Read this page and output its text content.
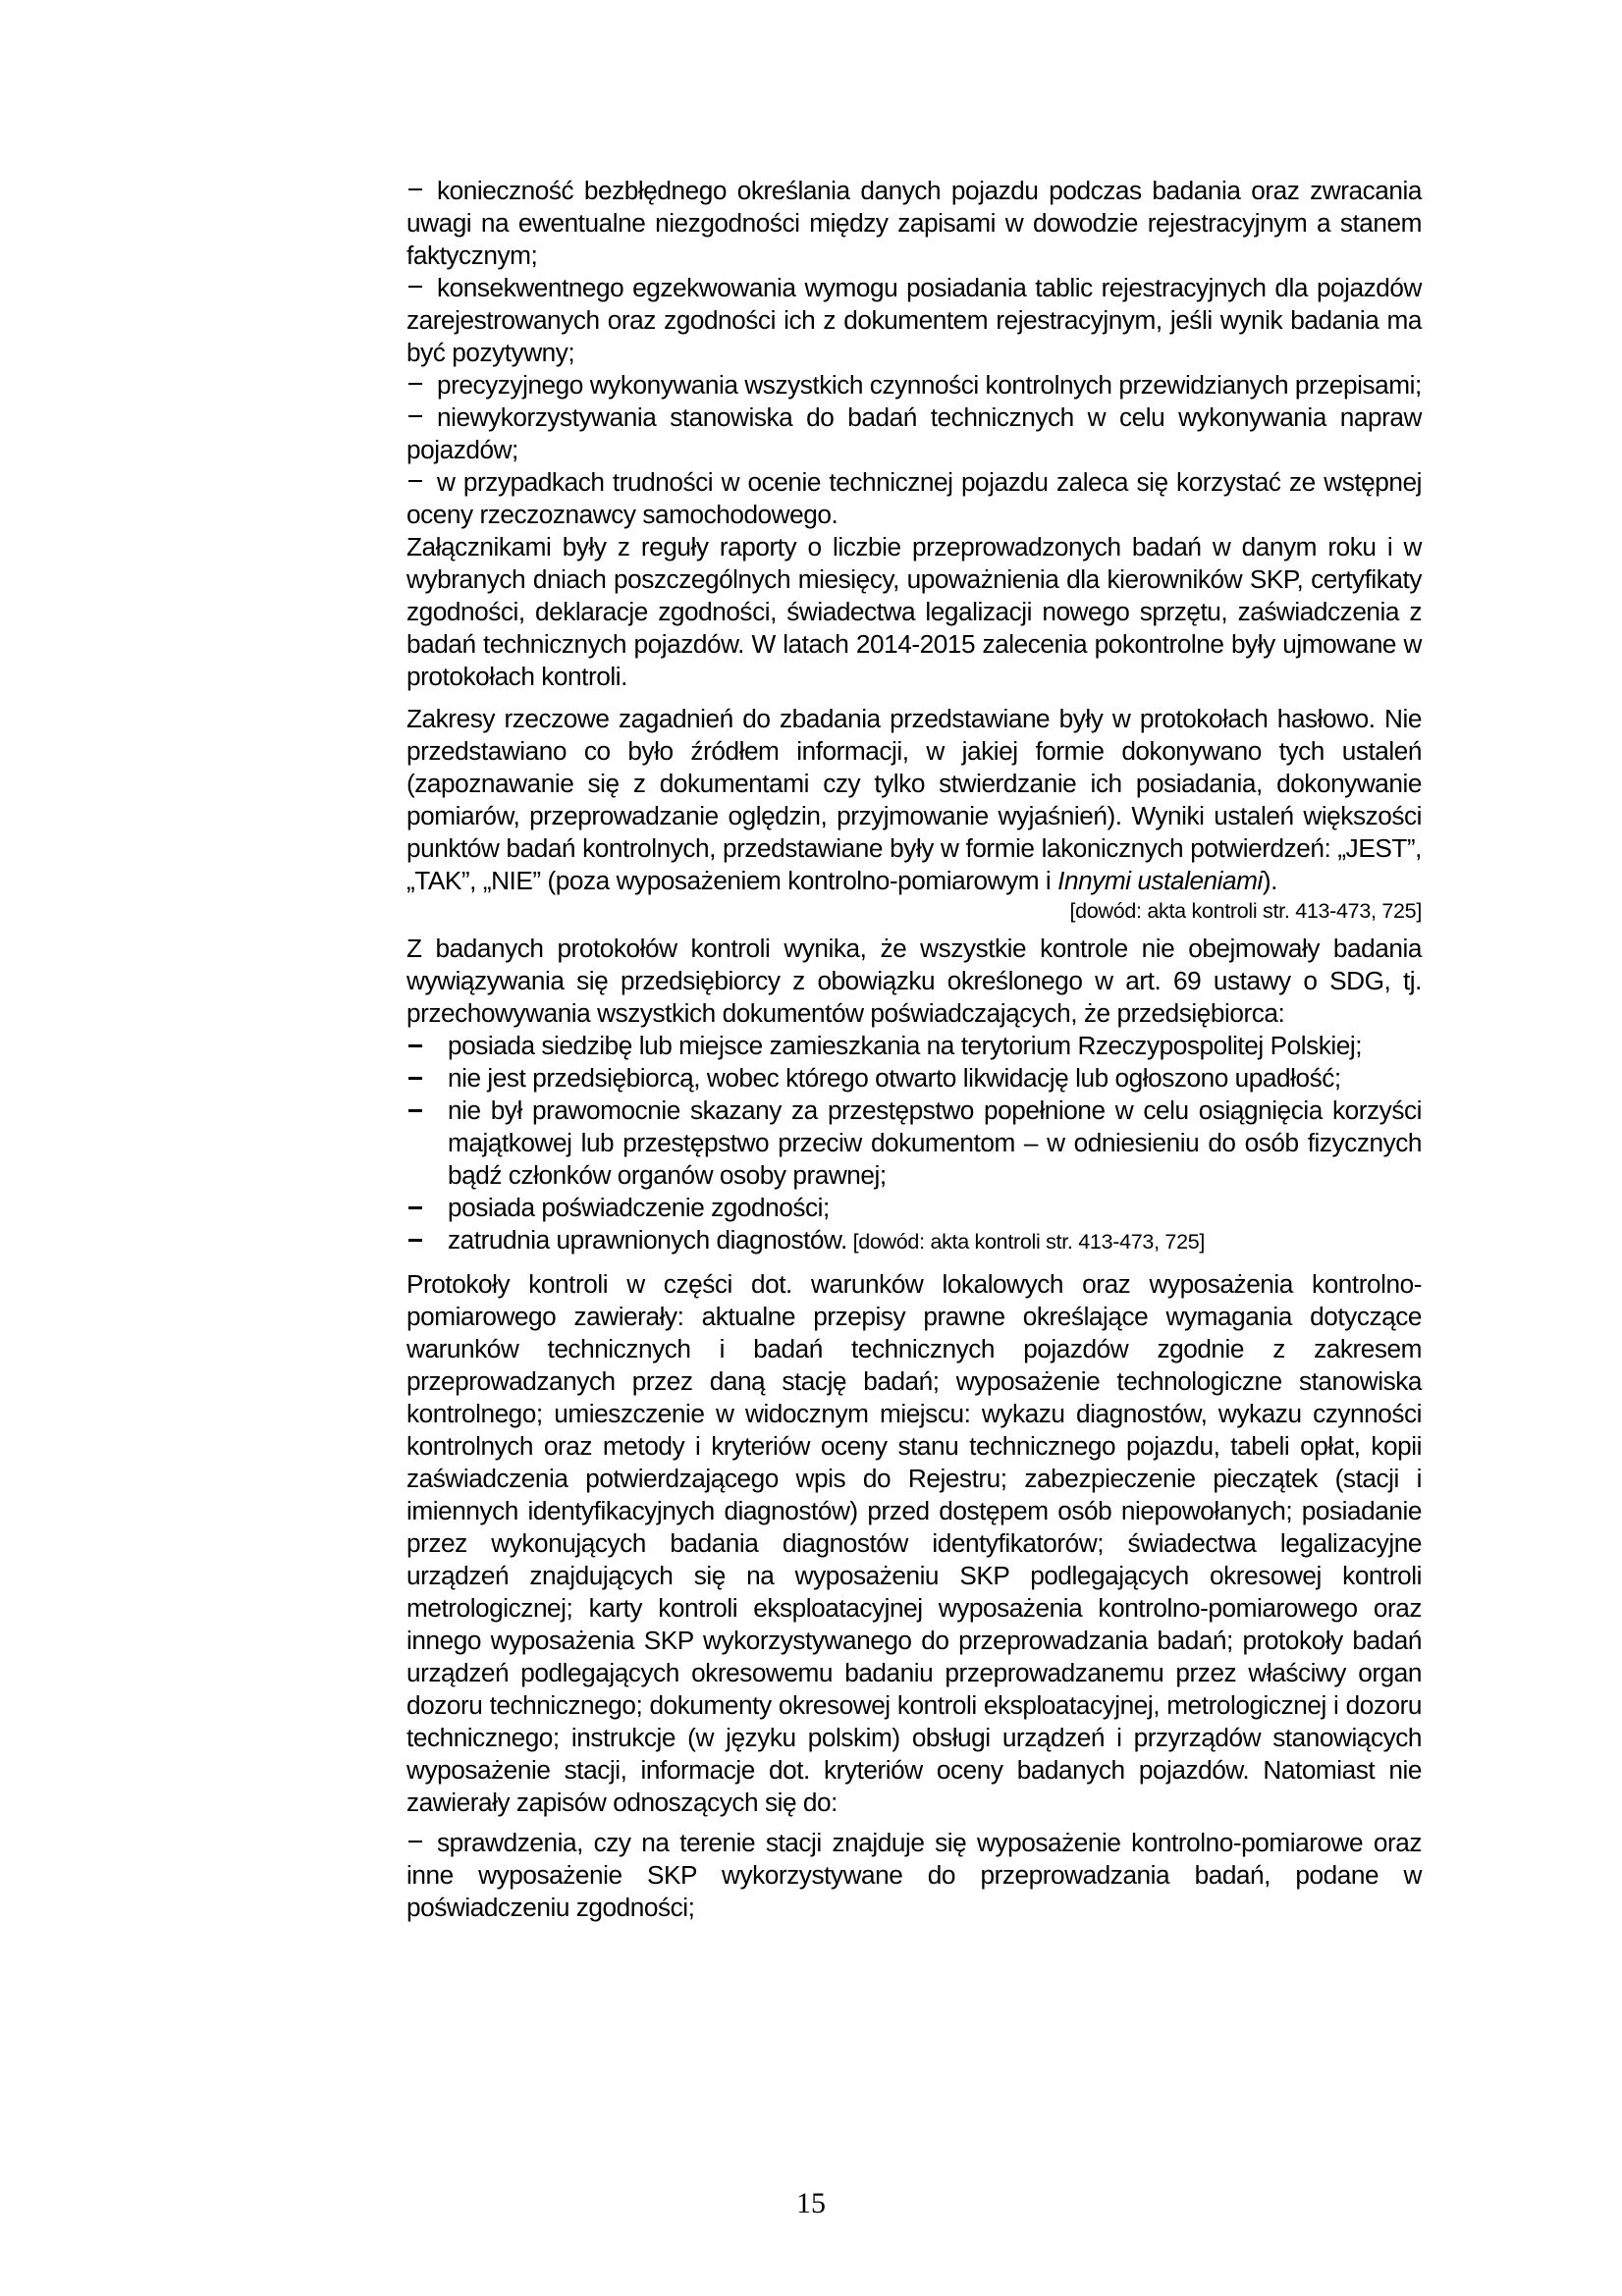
konieczność bezbłędnego określania danych pojazdu podczas badania oraz zwracania uwagi na ewentualne niezgodności między zapisami w dowodzie rejestracyjnym a stanem faktycznym;

konsekwentnego egzekwowania wymogu posiadania tablic rejestracyjnych dla pojazdów zarejestrowanych oraz zgodności ich z dokumentem rejestracyjnym, jeśli wynik badania ma być pozytywny;

precyzyjnego wykonywania wszystkich czynności kontrolnych przewidzianych przepisami;

niewykorzystywania stanowiska do badań technicznych w celu wykonywania napraw pojazdów;

w przypadkach trudności w ocenie technicznej pojazdu zaleca się korzystać ze wstępnej oceny rzeczoznawcy samochodowego.

Załącznikami były z reguły raporty o liczbie przeprowadzonych badań w danym roku i w wybranych dniach poszczególnych miesięcy, upoważnienia dla kierowników SKP, certyfikaty zgodności, deklaracje zgodności, świadectwa legalizacji nowego sprzętu, zaświadczenia z badań technicznych pojazdów. W latach 2014-2015 zalecenia pokontrolne były ujmowane w protokołach kontroli.

Zakresy rzeczowe zagadnień do zbadania przedstawiane były w protokołach hasłowo. Nie przedstawiano co było źródłem informacji, w jakiej formie dokonywano tych ustaleń (zapoznawanie się z dokumentami czy tylko stwierdzanie ich posiadania, dokonywanie pomiarów, przeprowadzanie oględzin, przyjmowanie wyjaśnień). Wyniki ustaleń większości punktów badań kontrolnych, przedstawiane były w formie lakonicznych potwierdzeń: „JEST”, „TAK”, „NIE” (poza wyposażeniem kontrolno-pomiarowym i Innymi ustaleniami).

[dowód: akta kontroli str. 413-473, 725]

Z badanych protokołów kontroli wynika, że wszystkie kontrole nie obejmowały badania wywiązywania się przedsiębiorcy z obowiązku określonego w art. 69 ustawy o SDG, tj. przechowywania wszystkich dokumentów poświadczających, że przedsiębiorca:

posiada siedzibę lub miejsce zamieszkania na terytorium Rzeczypospolitej Polskiej;
nie jest przedsiębiorcą, wobec którego otwarto likwidację lub ogłoszono upadłość;
nie był prawomocnie skazany za przestępstwo popełnione w celu osiągnięcia korzyści majątkowej lub przestępstwo przeciw dokumentom – w odniesieniu do osób fizycznych bądź członków organów osoby prawnej;
posiada poświadczenie zgodności;
zatrudnia uprawnionych diagnostów. [dowód: akta kontroli str. 413-473, 725]

Protokoły kontroli w części dot. warunków lokalowych oraz wyposażenia kontrolno-pomiarowego zawierały: aktualne przepisy prawne określające wymagania dotyczące warunków technicznych i badań technicznych pojazdów zgodnie z zakresem przeprowadzanych przez daną stację badań; wyposażenie technologiczne stanowiska kontrolnego; umieszczenie w widocznym miejscu: wykazu diagnostów, wykazu czynności kontrolnych oraz metody i kryteriów oceny stanu technicznego pojazdu, tabeli opłat, kopii zaświadczenia potwierdzającego wpis do Rejestru; zabezpieczenie pieczątek (stacji i imiennych identyfikacyjnych diagnostów) przed dostępem osób niepowołanych; posiadanie przez wykonujących badania diagnostów identyfikatorów; świadectwa legalizacyjne urządzeń znajdujących się na wyposażeniu SKP podlegających okresowej kontroli metrologicznej; karty kontroli eksploatacyjnej wyposażenia kontrolno-pomiarowego oraz innego wyposażenia SKP wykorzystywanego do przeprowadzania badań; protokoły badań urządzeń podlegających okresowemu badaniu przeprowadzanemu przez właściwy organ dozoru technicznego; dokumenty okresowej kontroli eksploatacyjnej, metrologicznej i dozoru technicznego; instrukcje (w języku polskim) obsługi urządzeń i przyrządów stanowiących wyposażenie stacji, informacje dot. kryteriów oceny badanych pojazdów. Natomiast nie zawierały zapisów odnoszących się do:

sprawdzenia, czy na terenie stacji znajduje się wyposażenie kontrolno-pomiarowe oraz inne wyposażenie SKP wykorzystywane do przeprowadzania badań, podane w poświadczeniu zgodności;

15
